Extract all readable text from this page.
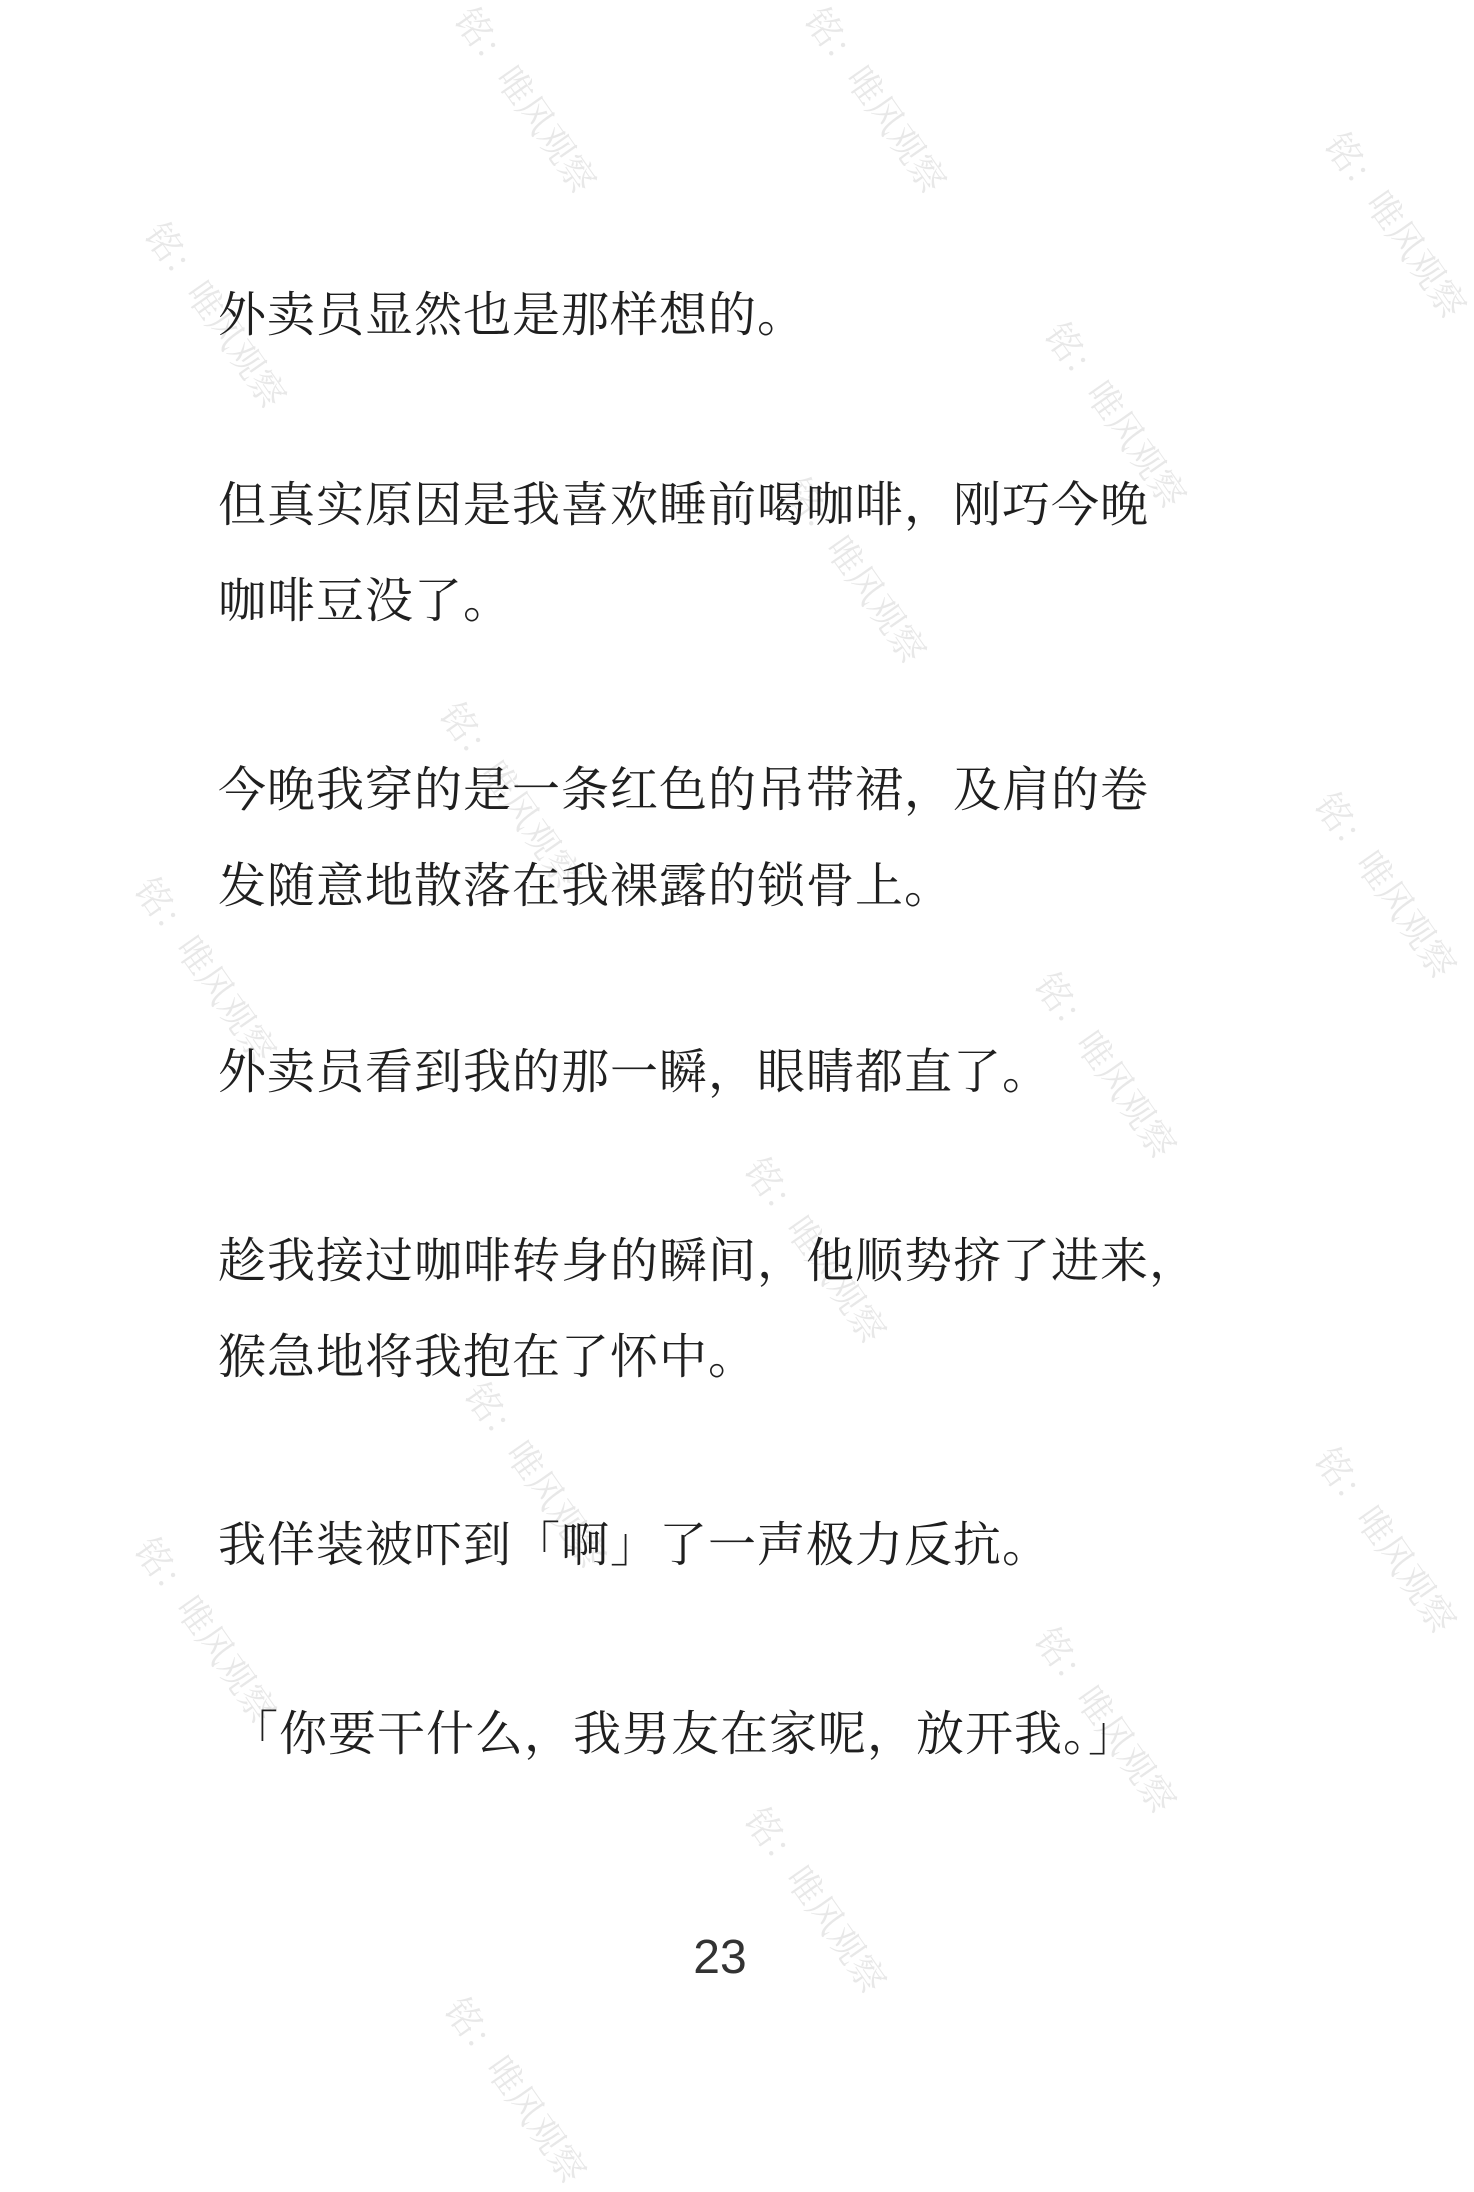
铭：唯风观察	铭：唯风观察
铭：唯风观察	铭：唯风观察
铭：唯风观察
铭：唯风观察
铭：唯风观察	铭：唯风观察
铭：唯风观察	铭：唯风观察
铭：唯风观察
铭：唯风观察	铭：唯风观察
铭：唯风观察	铭：唯风观察
铭：唯风观察
铭：唯风观察
外卖员显然也是那样想的。
但真实原因是我喜欢睡前喝咖啡，刚巧今晚
咖啡豆没了。
今晚我穿的是一条红色的吊带裙，及肩的卷
发随意地散落在我裸露的锁骨上。
外卖员看到我的那一瞬，眼睛都直了。
趁我接过咖啡转身的瞬间，他顺势挤了进来，
猴急地将我抱在了怀中。
我佯装被吓到「啊」了一声极力反抗。
「你要干什么，我男友在家呢，放开我。」
23
